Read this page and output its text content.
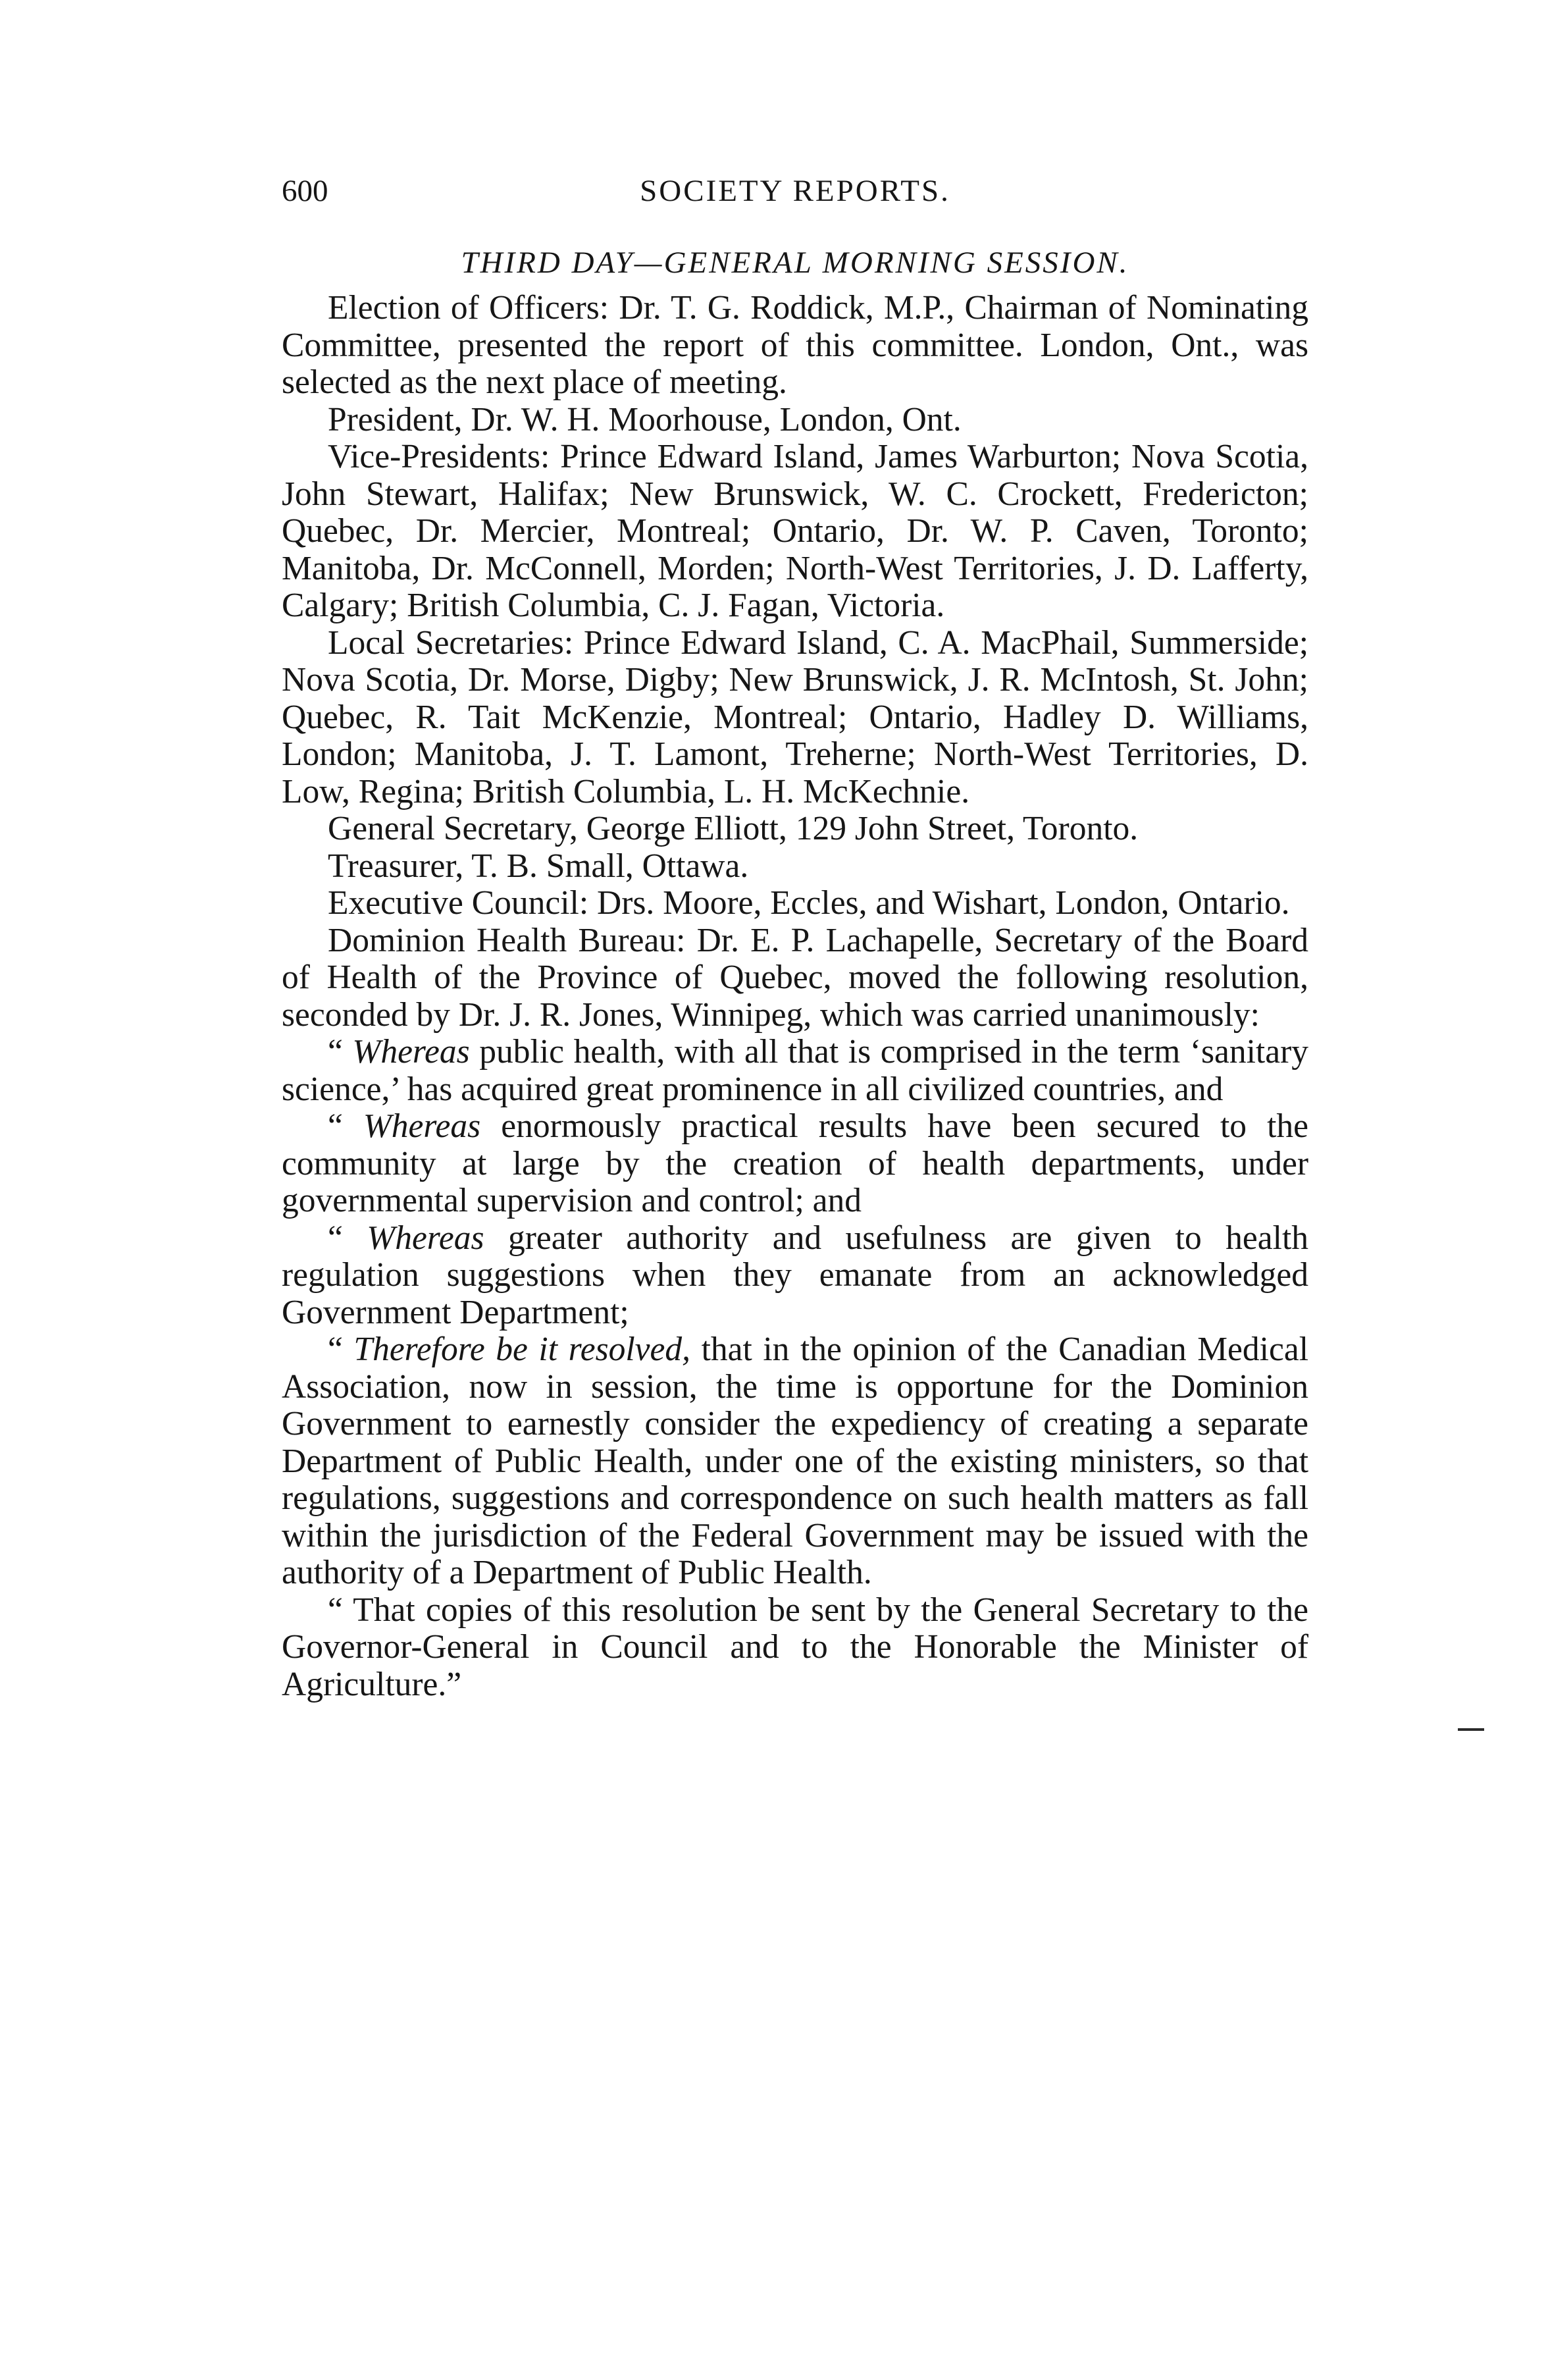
600	SOCIETY REPORTS.
THIRD DAY—GENERAL MORNING SESSION.

Election of Officers: Dr. T. G. Roddick, M.P., Chairman of Nominating Committee, presented the report of this committee. London, Ont., was selected as the next place of meeting.

President, Dr. W. H. Moorhouse, London, Ont.

Vice-Presidents: Prince Edward Island, James Warburton; Nova Scotia, John Stewart, Halifax; New Brunswick, W. C. Crockett, Fredericton; Quebec, Dr. Mercier, Montreal; Ontario, Dr. W. P. Caven, Toronto; Manitoba, Dr. McConnell, Morden; North-West Territories, J. D. Lafferty, Calgary; British Columbia, C. J. Fagan, Victoria.

Local Secretaries: Prince Edward Island, C. A. MacPhail, Summerside; Nova Scotia, Dr. Morse, Digby; New Brunswick, J. R. McIntosh, St. John; Quebec, R. Tait McKenzie, Montreal; Ontario, Hadley D. Williams, London; Manitoba, J. T. Lamont, Treherne; North-West Territories, D. Low, Regina; British Columbia, L. H. McKechnie.

General Secretary, George Elliott, 129 John Street, Toronto.

Treasurer, T. B. Small, Ottawa.

Executive Council: Drs. Moore, Eccles, and Wishart, London, Ontario.

Dominion Health Bureau: Dr. E. P. Lachapelle, Secretary of the Board of Health of the Province of Quebec, moved the following resolution, seconded by Dr. J. R. Jones, Winnipeg, which was carried unanimously:

“ Whereas public health, with all that is comprised in the term ‘sanitary science,’ has acquired great prominence in all civilized countries, and

“ Whereas enormously practical results have been secured to the community at large by the creation of health departments, under governmental supervision and control; and

“ Whereas greater authority and usefulness are given to health regulation suggestions when they emanate from an acknowledged Government Department;

“ Therefore be it resolved, that in the opinion of the Canadian Medical Association, now in session, the time is opportune for the Dominion Government to earnestly consider the expediency of creating a separate Department of Public Health, under one of the existing ministers, so that regulations, suggestions and correspondence on such health matters as fall within the jurisdiction of the Federal Government may be issued with the authority of a Department of Public Health.

“ That copies of this resolution be sent by the General Secretary to the Governor-General in Council and to the Honorable the Minister of Agriculture.”
